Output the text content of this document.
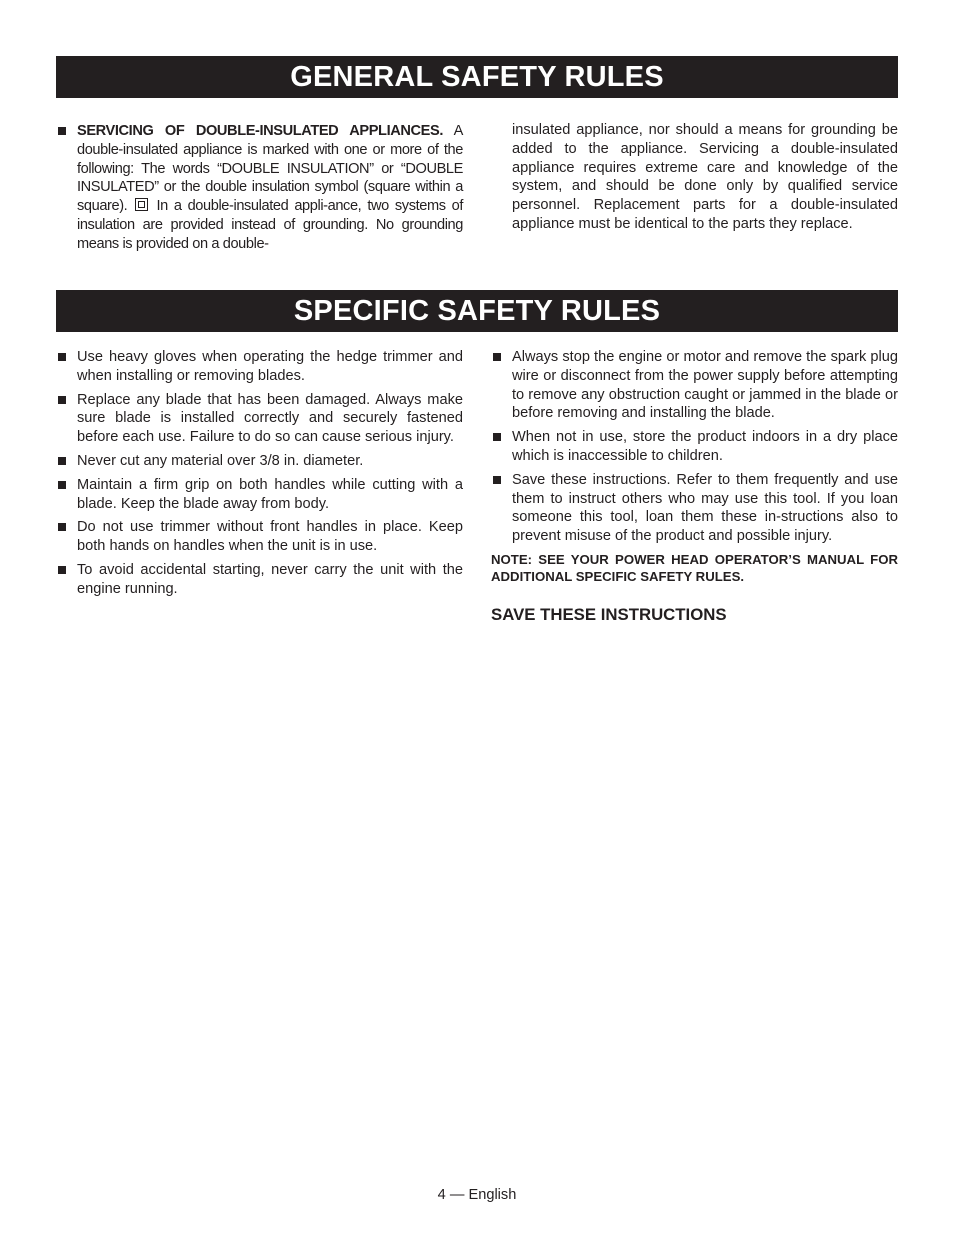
GENERAL SAFETY RULES
SERVICING OF DOUBLE-INSULATED APPLIANCES. A double-insulated appliance is marked with one or more of the following: The words “DOUBLE INSULATION” or “DOUBLE INSULATED” or the double insulation symbol (square within a square). In a double-insulated appli-ance, two systems of insulation are provided instead of grounding. No grounding means is provided on a double-

insulated appliance, nor should a means for grounding be added to the appliance. Servicing a double-insulated appliance requires extreme care and knowledge of the system, and should be done only by qualified service personnel. Replacement parts for a double-insulated appliance must be identical to the parts they replace.

SPECIFIC SAFETY RULES
Use heavy gloves when operating the hedge trimmer and when installing or removing blades.
Replace any blade that has been damaged. Always make sure blade is installed correctly and securely fastened before each use. Failure to do so can cause serious injury.
Never cut any material over 3/8 in. diameter.
Maintain a firm grip on both handles while cutting with a blade. Keep the blade away from body.
Do not use trimmer without front handles in place. Keep both hands on handles when the unit is in use.
To avoid accidental starting, never carry the unit with the engine running.
Always stop the engine or motor and remove the spark plug wire or disconnect from the power supply before attempting to remove any obstruction caught or jammed in the blade or before removing and installing the blade.
When not in use, store the product indoors in a dry place which is inaccessible to children.
Save these instructions. Refer to them frequently and use them to instruct others who may use this tool. If you loan someone this tool, loan them these in-structions also to prevent misuse of the product and possible injury.

NOTE: SEE YOUR POWER HEAD OPERATOR’S MANUAL FOR ADDITIONAL SPECIFIC SAFETY RULES.

SAVE THESE INSTRUCTIONS
4 — English
